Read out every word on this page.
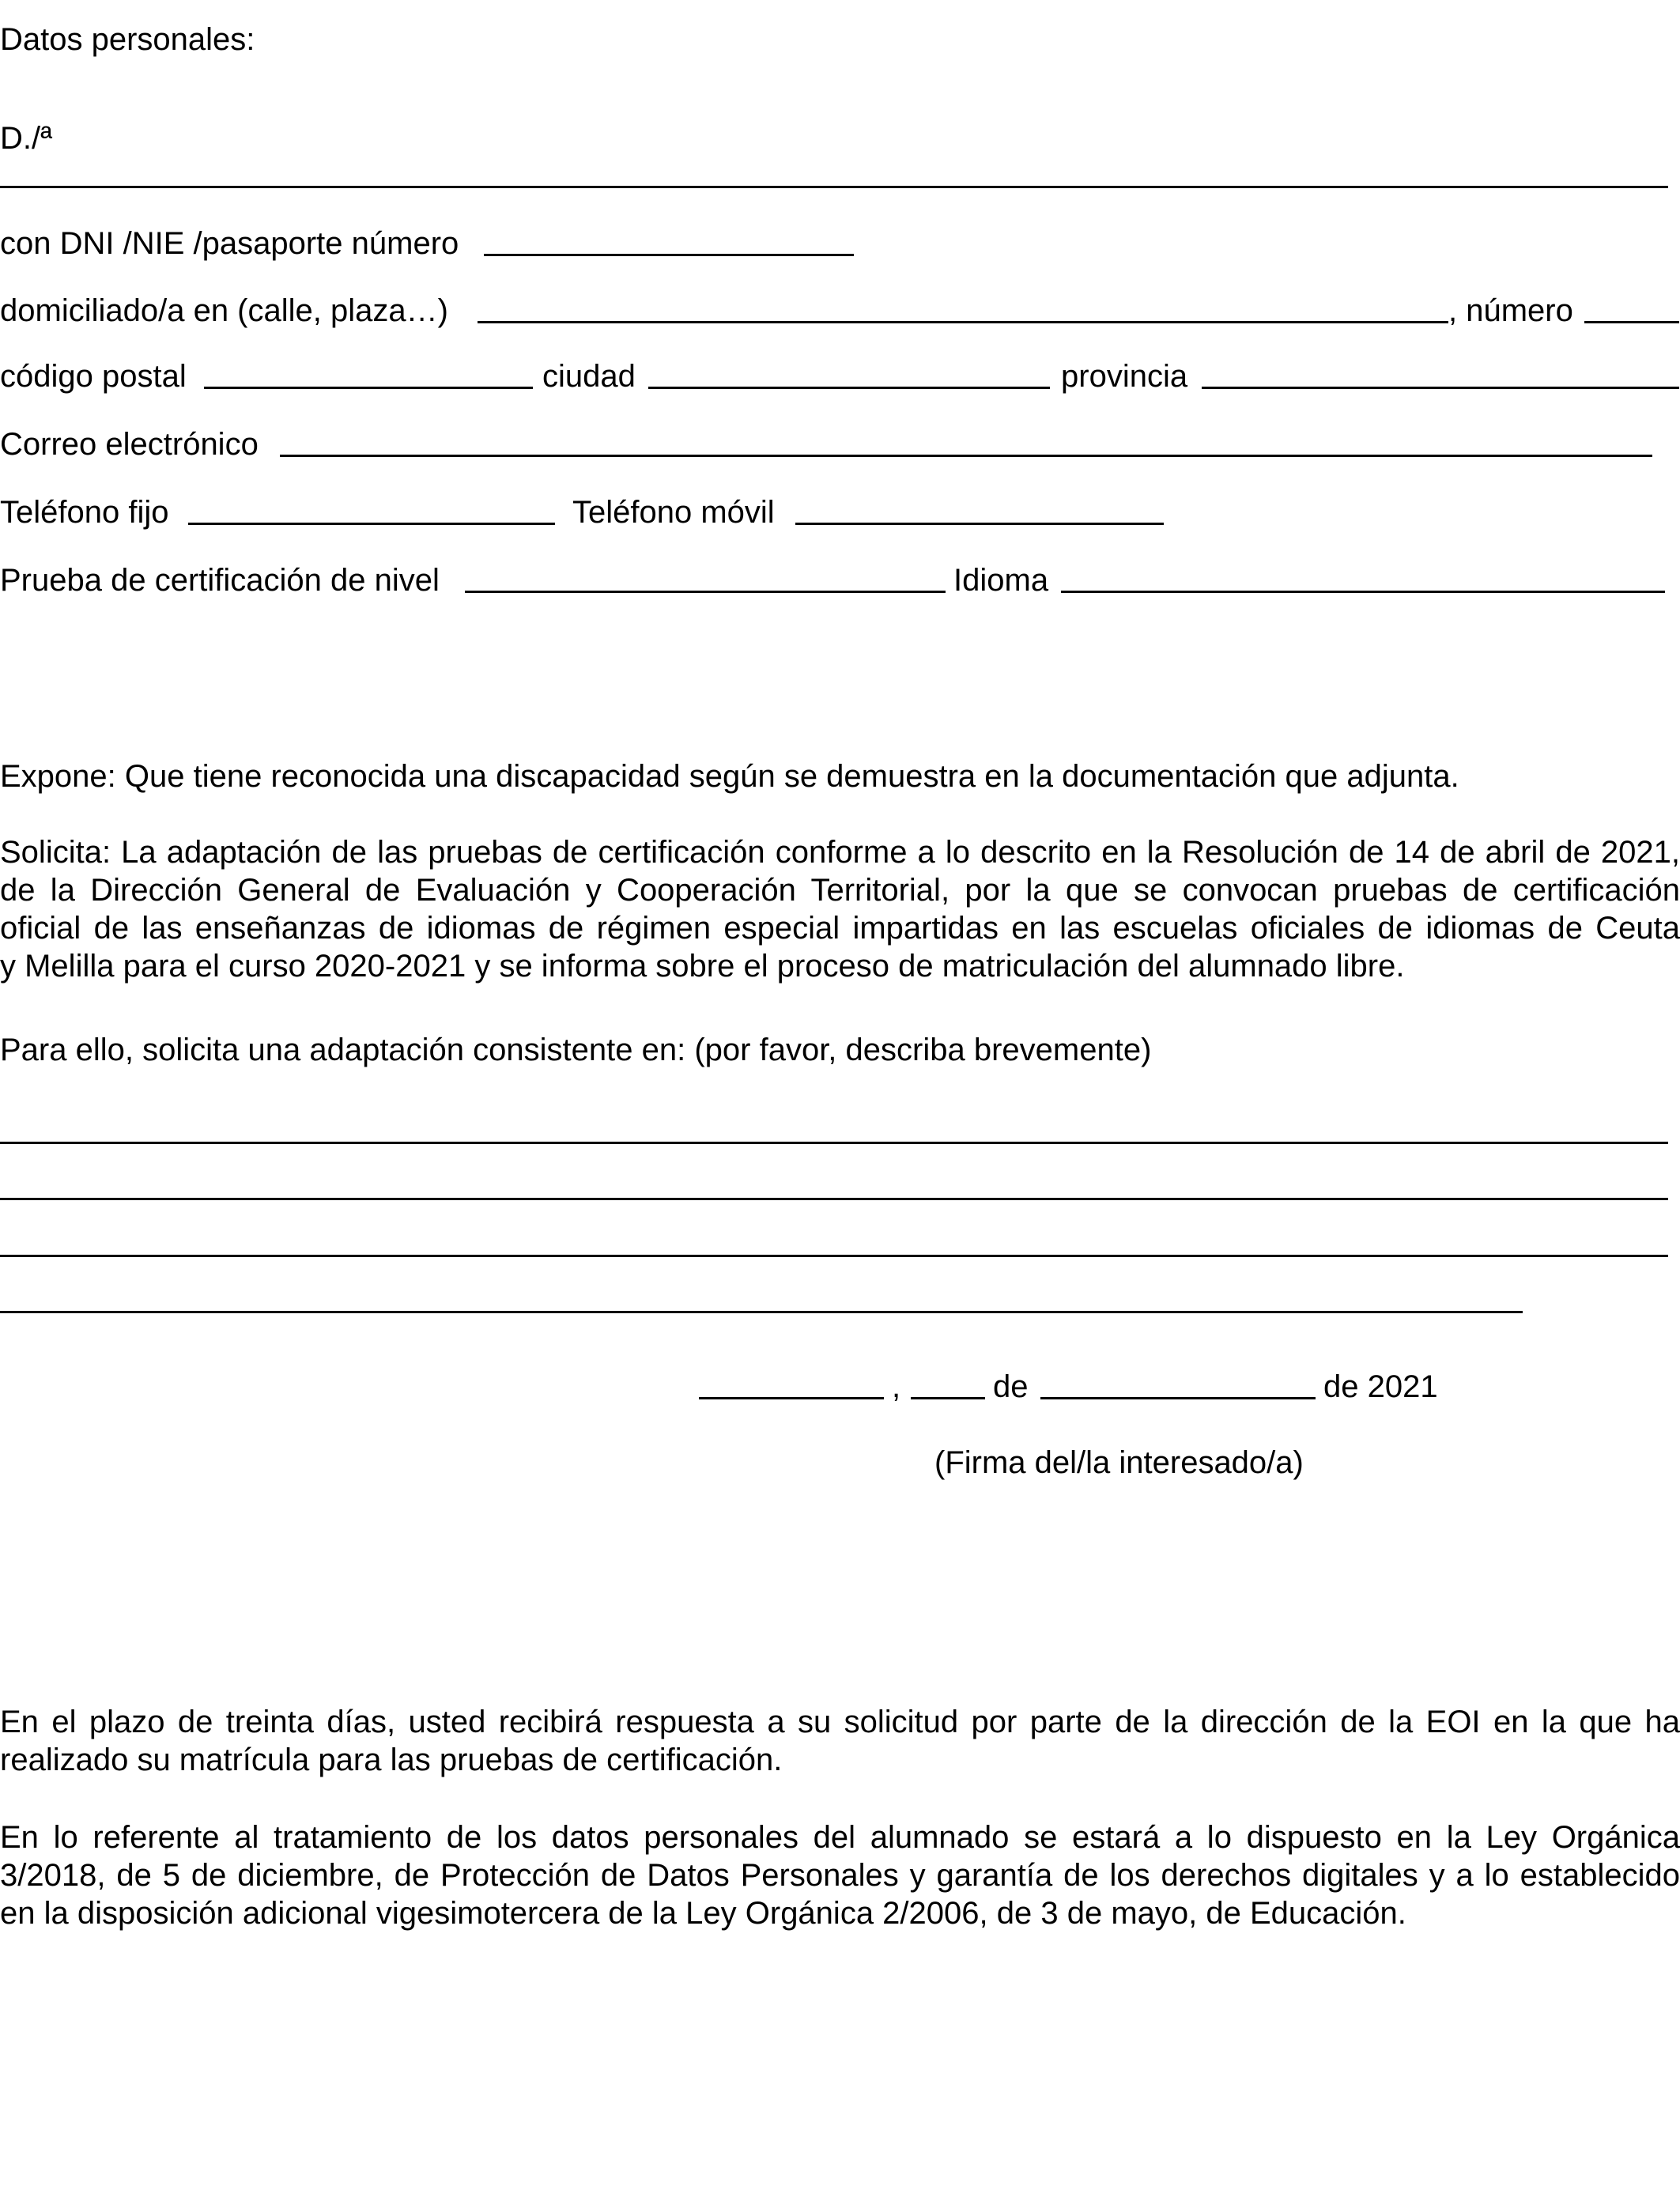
Datos personales:
D./ª
con DNI /NIE /pasaporte número
domiciliado/a en (calle, plaza…)	, número
código postal	ciudad	provincia
Correo electrónico
Teléfono fijo	Teléfono móvil
Prueba de certificación de nivel	Idioma
Expone: Que tiene reconocida una discapacidad según se demuestra en la documentación que adjunta.
Solicita: La adaptación de las pruebas de certificación conforme a lo descrito en la Resolución de 14 de abril de 2021,
de la Dirección General de Evaluación y Cooperación Territorial, por la que se convocan pruebas de certificación
oficial de las enseñanzas de idiomas de régimen especial impartidas en las escuelas oficiales de idiomas de Ceuta
y Melilla para el curso 2020-2021 y se informa sobre el proceso de matriculación del alumnado libre.
Para ello, solicita una adaptación consistente en: (por favor, describa brevemente)
,	de	de 2021
(Firma del/la interesado/a)
En el plazo de treinta días, usted recibirá respuesta a su solicitud por parte de la dirección de la EOI en la que ha
realizado su matrícula para las pruebas de certificación.
En lo referente al tratamiento de los datos personales del alumnado se estará a lo dispuesto en la Ley Orgánica
3/2018, de 5 de diciembre, de Protección de Datos Personales y garantía de los derechos digitales y a lo establecido
en la disposición adicional vigesimotercera de la Ley Orgánica 2/2006, de 3 de mayo, de Educación.
